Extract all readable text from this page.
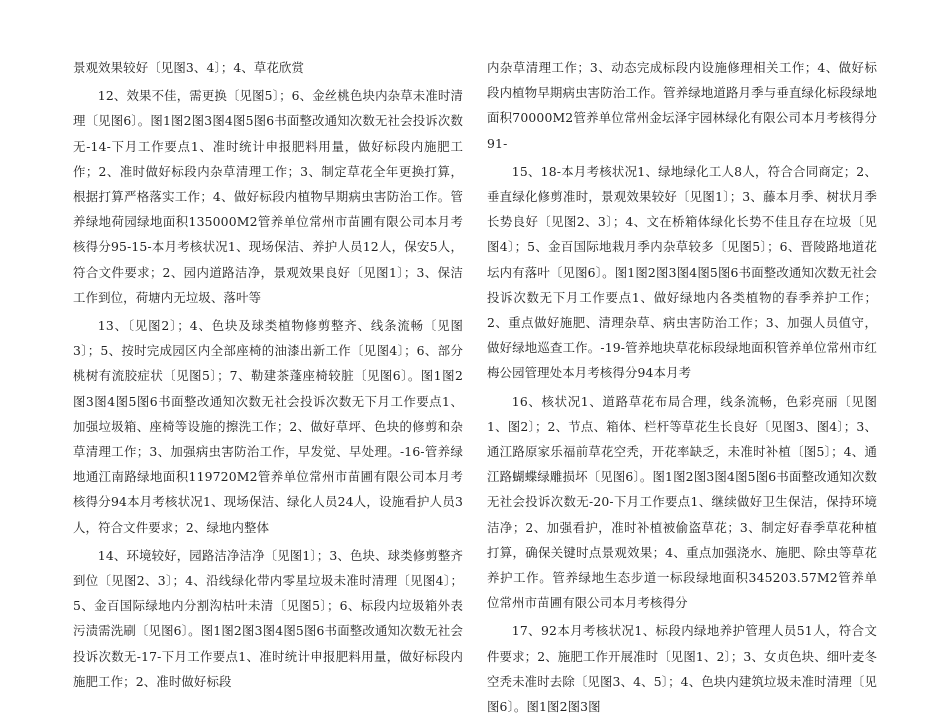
景观效果较好〔见图3、4〕；4、草花欣赏

12、效果不佳，需更换〔见图5〕；6、金丝桃色块内杂草未准时清理〔见图6〕。图1图2图3图4图5图6书面整改通知次数无社会投诉次数无-14-下月工作要点1、准时统计申报肥料用量，做好标段内施肥工作；2、准时做好标段内杂草清理工作；3、制定草花全年更换打算，根据打算严格落实工作；4、做好标段内植物早期病虫害防治工作。管养绿地荷园绿地面积135000M2管养单位常州市苗圃有限公司本月考核得分95-15-本月考核状况1、现场保洁、养护人员12人，保安5人，符合文件要求；2、园内道路洁净，景观效果良好〔见图1〕；3、保洁工作到位，荷塘内无垃圾、落叶等

13、〔见图2〕；4、色块及球类植物修剪整齐、线条流畅〔见图3〕；5、按时完成园区内全部座椅的油漆出新工作〔见图4〕；6、部分桃树有流胶症状〔见图5〕；7、勒建茶蓬座椅较脏〔见图6〕。图1图2图3图4图5图6书面整改通知次数无社会投诉次数无下月工作要点1、加强垃圾箱、座椅等设施的擦洗工作；2、做好草坪、色块的修剪和杂草清理工作；3、加强病虫害防治工作，早发觉、早处理。-16-管养绿地通江南路绿地面积119720M2管养单位常州市苗圃有限公司本月考核得分94本月考核状况1、现场保洁、绿化人员24人，设施看护人员3人，符合文件要求；2、绿地内整体

14、环境较好，园路洁净洁净〔见图1〕；3、色块、球类修剪整齐到位〔见图2、3〕；4、沿线绿化带内零星垃圾未准时清理〔见图4〕；5、金百国际绿地内分割沟枯叶未清〔见图5〕；6、标段内垃圾箱外表污渍需洗刷〔见图6〕。图1图2图3图4图5图6书面整改通知次数无社会投诉次数无-17-下月工作要点1、准时统计申报肥料用量，做好标段内施肥工作；2、准时做好标段

内杂草清理工作；3、动态完成标段内设施修理相关工作；4、做好标段内植物早期病虫害防治工作。管养绿地道路月季与垂直绿化标段绿地面积70000M2管养单位常州金坛泽宇园林绿化有限公司本月考核得分91-

15、18-本月考核状况1、绿地绿化工人8人，符合合同商定；2、垂直绿化修剪准时，景观效果较好〔见图1〕；3、藤本月季、树状月季长势良好〔见图2、3〕；4、文在桥箱体绿化长势不佳且存在垃圾〔见图4〕；5、金百国际地栽月季内杂草较多〔见图5〕；6、晋陵路地道花坛内有落叶〔见图6〕。图1图2图3图4图5图6书面整改通知次数无社会投诉次数无下月工作要点1、做好绿地内各类植物的春季养护工作；2、重点做好施肥、清理杂草、病虫害防治工作；3、加强人员值守，做好绿地巡查工作。-19-管养地块草花标段绿地面积管养单位常州市红梅公园管理处本月考核得分94本月考

16、核状况1、道路草花布局合理，线条流畅，色彩亮丽〔见图1、图2〕；2、节点、箱体、栏杆等草花生长良好〔见图3、图4〕；3、通江路原家乐福前草花空秃，开花率缺乏，未准时补植〔图5〕；4、通江路蝴蝶绿雕损坏〔见图6〕。图1图2图3图4图5图6书面整改通知次数无社会投诉次数无-20-下月工作要点1、继续做好卫生保洁，保持环境洁净；2、加强看护，准时补植被偷盗草花；3、制定好春季草花种植打算，确保关键时点景观效果；4、重点加强浇水、施肥、除虫等草花养护工作。管养绿地生态步道一标段绿地面积345203.57M2管养单位常州市苗圃有限公司本月考核得分

17、92本月考核状况1、标段内绿地养护管理人员51人，符合文件要求；2、施肥工作开展准时〔见图1、2〕；3、女贞色块、细叶麦冬空秃未准时去除〔见图3、4、5〕；4、色块内建筑垃圾未准时清理〔见图6〕。图1图2图3图
